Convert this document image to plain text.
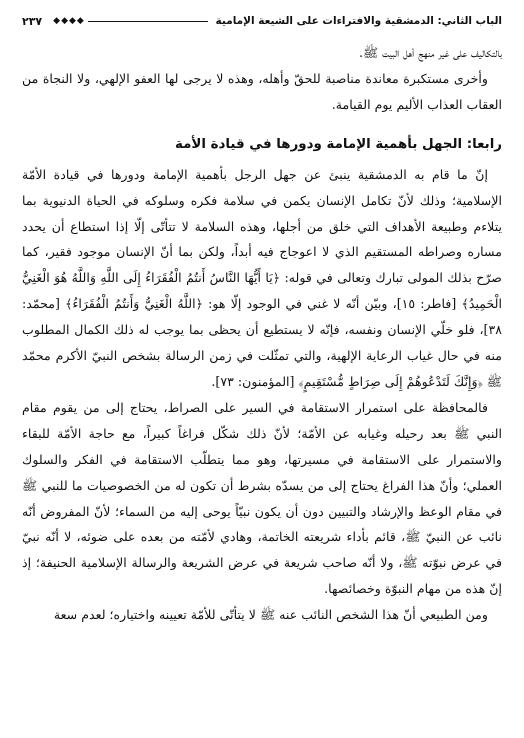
الباب الثاني: الدمشقية والافتراءات على الشيعة الإمامية
◆◆◆◆
٢٣٧

بالتكاليف على غير منهج أهل البيت ﷺ.

وأخرى مستكبرة معاندة مناصبة للحقّ وأهله، وهذه لا يرجى لها العفو الإلهي، ولا النجاة من العقاب العذاب الأليم يوم القيامة.

رابعا: الجهل بأهمية الإمامة ودورها في قيادة الأمة

إنّ ما قام به الدمشقية ينبئ عن جهل الرجل بأهمية الإمامة ودورها في قيادة الأمّة الإسلامية؛ وذلك لأنّ تكامل الإنسان يكمن في سلامة فكره وسلوكه في الحياة الدنيوية بما يتلاءم وطبيعة الأهداف التي خلق من أجلها، وهذه السلامة لا تتأتّى إلّا إذا استطاع أن يحدد مساره وصراطه المستقيم الذي لا اعوجاج فيه أبداً، ولكن بما أنّ الإنسان موجود فقير، كما صرّح بذلك المولى تبارك وتعالى في قوله: ﴿يَا أَيُّهَا النَّاسُ أَنتُمُ الْفُقَرَاءُ إِلَى اللَّهِ وَاللَّهُ هُوَ الْغَنِيُّ الْحَمِيدُ﴾ [فاطر: ١٥]، وبيّن أنّه لا غني في الوجود إلّا هو: ﴿اللَّهُ الْغَنِيُّ وَأَنتُمُ الْفُقَرَاءُ﴾ [محمّد: ٣٨]، فلو خلّي الإنسان ونفسه، فإنّه لا يستطيع أن يحظى بما يوجب له ذلك الكمال المطلوب منه في حال غياب الرعاية الإلهية، والتي تمثّلت في زمن الرسالة بشخص النبيّ الأكرم محمّد ﷺ ﴿وَإِنَّكَ لَتَدْعُوهُمْ إِلَى صِرَاطٍ مُّسْتَقِيمٍ﴾ [المؤمنون: ٧٣].

فالمحافظة على استمرار الاستقامة في السير على الصراط، يحتاج إلى من يقوم مقام النبي ﷺ بعد رحيله وغيابه عن الأمّة؛ لأنّ ذلك شكّل فراغاً كبيراً، مع حاجة الأمّة للبقاء والاستمرار على الاستقامة في مسيرتها، وهو مما يتطلّب الاستقامة في الفكر والسلوك العملي؛ وأنّ هذا الفراغ يحتاج إلى من يسدّه بشرط أن تكون له من الخصوصيات ما للنبي ﷺ في مقام الوعظ والإرشاد والتبيين دون أن يكون نبيّاً يوحى إليه من السماء؛ لأنّ المفروض أنّه نائب عن النبيّ ﷺ، قائم بأداء شريعته الخاتمة، وهادي لأمّته من بعده على ضوئه، لا أنّه نبيّ في عرض نبوّته ﷺ، ولا أنّه صاحب شريعة في عرض الشريعة والرسالة الإسلامية الحنيفة؛ إذ إنّ هذه من مهام النبوّة وخصائصها.

ومن الطبيعي أنّ هذا الشخص النائب عنه ﷺ لا يتأتّى للأمّة تعيينه واختياره؛ لعدم سعة
